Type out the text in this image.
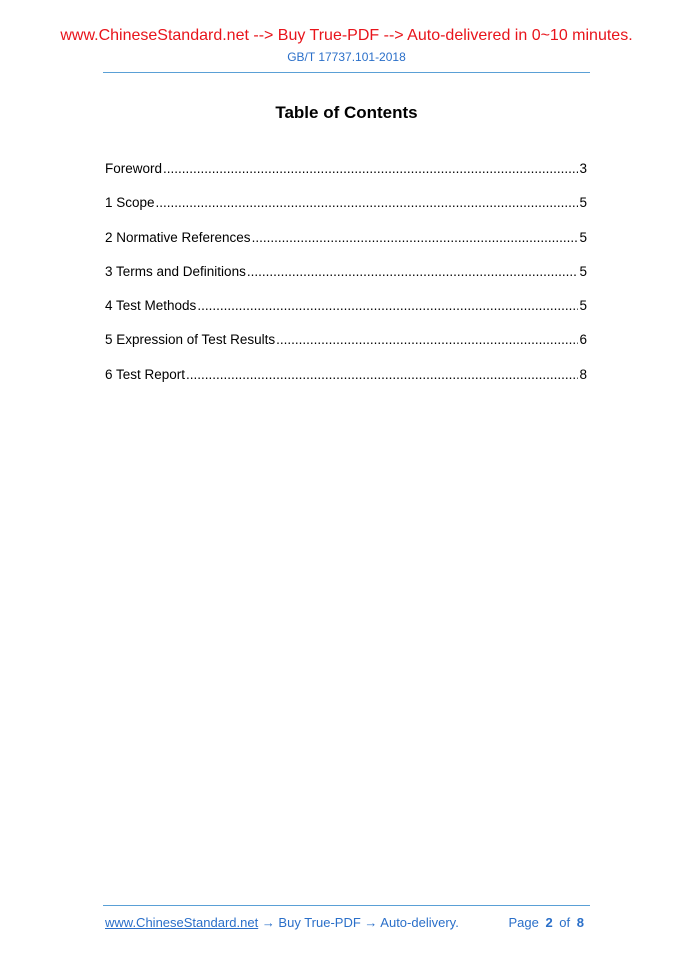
www.ChineseStandard.net --> Buy True-PDF --> Auto-delivered in 0~10 minutes.
GB/T 17737.101-2018
Table of Contents
Foreword .....	3
1 Scope .....	5
2 Normative References .....	5
3 Terms and Definitions .....	5
4 Test Methods .....	5
5 Expression of Test Results .....	6
6 Test Report .....	8
www.ChineseStandard.net → Buy True-PDF → Auto-delivery.	Page 2 of 8
